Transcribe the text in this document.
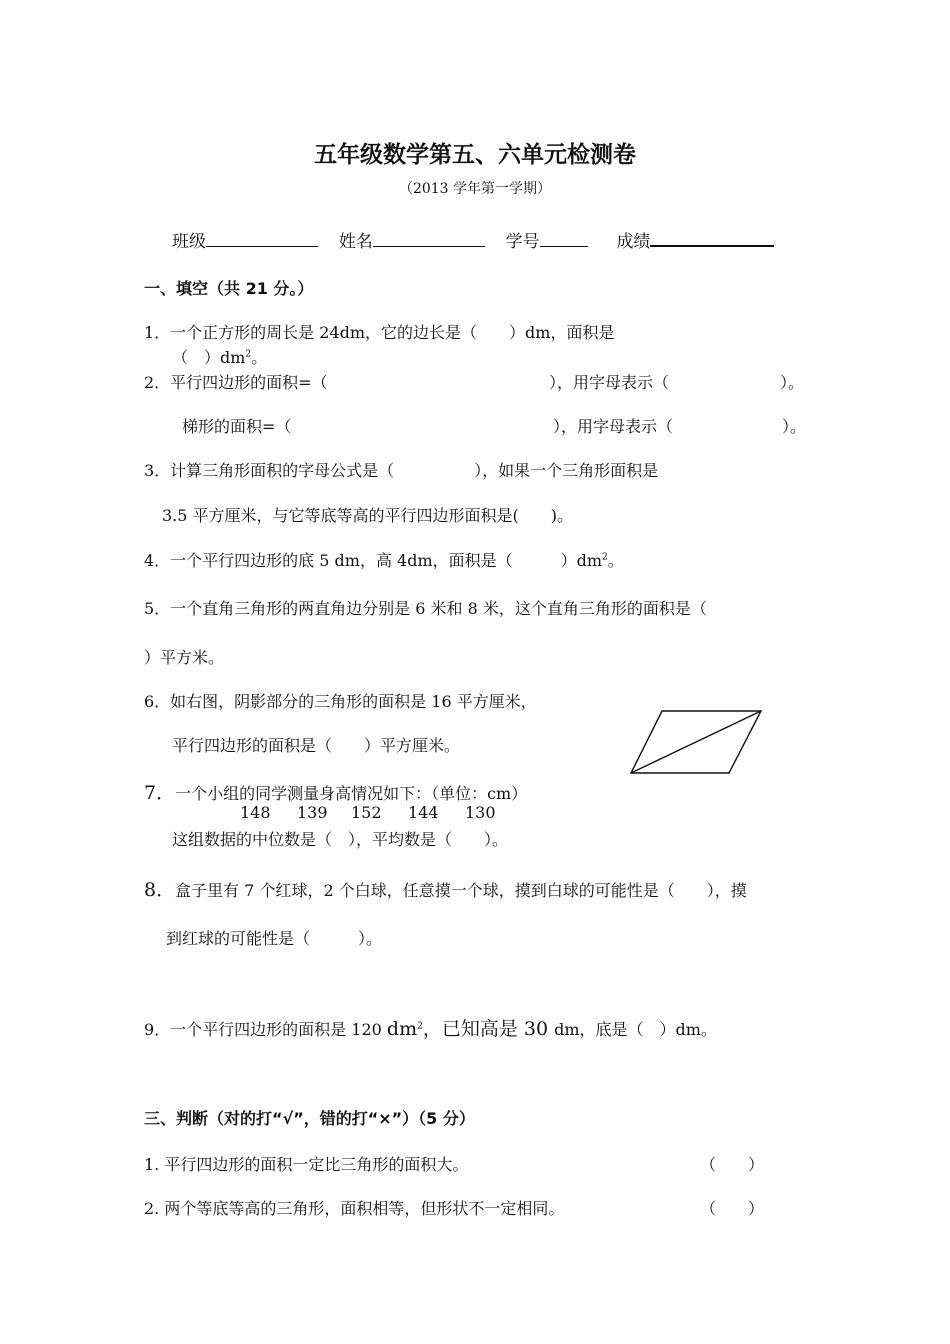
五年级数学第五、六单元检测卷
（2013 学年第一学期）
班级	姓名	学号	成绩
一、填空（共 21 分。）
1．一个正方形的周长是 24dm，它的边长是（　　）dm，面积是
（　）$dm^2$。
2．平行四边形的面积=（	），用字母表示（	）。
梯形的面积=（	），用字母表示（	）。
3．计算三角形面积的字母公式是（　　　　　），如果一个三角形面积是
3.5 平方厘米，与它等底等高的平行四边形面积是(　　)。
4．一个平行四边形的底 5 dm，高 4dm，面积是（　　　）$dm^2$。
5．一个直角三角形的两直角边分别是 6 米和 8 米，这个直角三角形的面积是（
）平方米。
6．如右图，阴影部分的三角形的面积是 16 平方厘米，
平行四边形的面积是（　　）平方厘米。
7．一个小组的同学测量身高情况如下：（单位：cm）
148 139 152 144 130
这组数据的中位数是（　），平均数是（　　）。
8．盒子里有 7 个红球，2 个白球，任意摸一个球，摸到白球的可能性是（　　），摸
到红球的可能性是（　　　）。
9．一个平行四边形的面积是 120 $dm^2$，已知高是 30 dm，底是（　）dm。
三、判断（对的打“√”，错的打“×”）（5 分）
1. 平行四边形的面积一定比三角形的面积大。	（　　）
2. 两个等底等高的三角形，面积相等，但形状不一定相同。	（　　）
